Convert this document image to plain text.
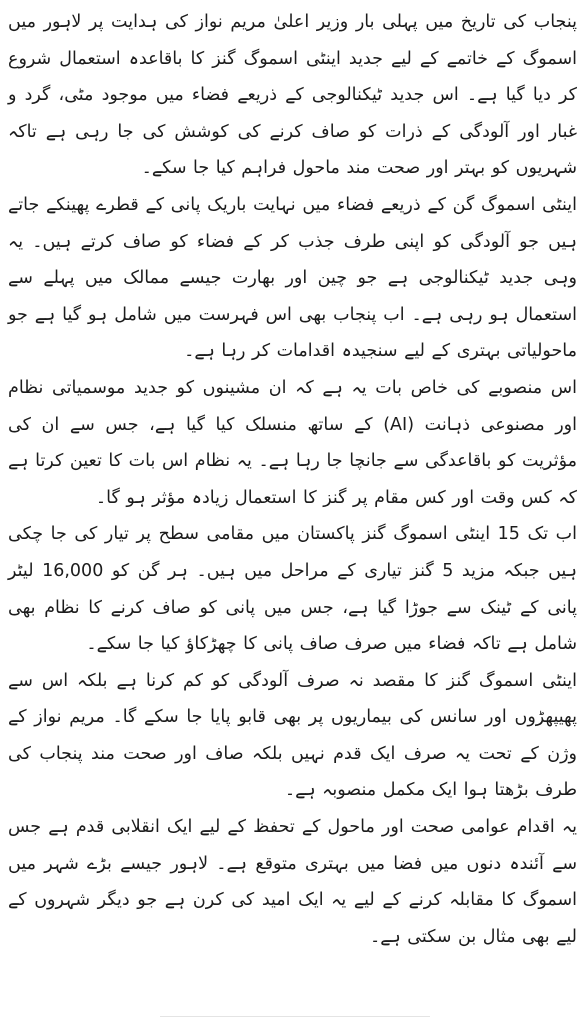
پنجاب کی تاریخ میں پہلی بار وزیر اعلیٰ مریم نواز کی ہدایت پر لاہور میں اسموگ کے خاتمے کے لیے جدید اینٹی اسموگ گنز کا باقاعدہ استعمال شروع کر دیا گیا ہے۔ اس جدید ٹیکنالوجی کے ذریعے فضاء میں موجود مٹی، گرد و غبار اور آلودگی کے ذرات کو صاف کرنے کی کوشش کی جا رہی ہے تاکہ شہریوں کو بہتر اور صحت مند ماحول فراہم کیا جا سکے۔

اینٹی اسموگ گن کے ذریعے فضاء میں نہایت باریک پانی کے قطرے پھینکے جاتے ہیں جو آلودگی کو اپنی طرف جذب کر کے فضاء کو صاف کرتے ہیں۔ یہ وہی جدید ٹیکنالوجی ہے جو چین اور بھارت جیسے ممالک میں پہلے سے استعمال ہو رہی ہے۔ اب پنجاب بھی اس فہرست میں شامل ہو گیا ہے جو ماحولیاتی بہتری کے لیے سنجیدہ اقدامات کر رہا ہے۔

اس منصوبے کی خاص بات یہ ہے کہ ان مشینوں کو جدید موسمیاتی نظام اور مصنوعی ذہانت (AI) کے ساتھ منسلک کیا گیا ہے، جس سے ان کی مؤثریت کو باقاعدگی سے جانچا جا رہا ہے۔ یہ نظام اس بات کا تعین کرتا ہے کہ کس وقت اور کس مقام پر گنز کا استعمال زیادہ مؤثر ہو گا۔

اب تک 15 اینٹی اسموگ گنز پاکستان میں مقامی سطح پر تیار کی جا چکی ہیں جبکہ مزید 5 گنز تیاری کے مراحل میں ہیں۔ ہر گن کو 16,000 لیٹر پانی کے ٹینک سے جوڑا گیا ہے، جس میں پانی کو صاف کرنے کا نظام بھی شامل ہے تاکہ فضاء میں صرف صاف پانی کا چھڑکاؤ کیا جا سکے۔

اینٹی اسموگ گنز کا مقصد نہ صرف آلودگی کو کم کرنا ہے بلکہ اس سے پھیپھڑوں اور سانس کی بیماریوں پر بھی قابو پایا جا سکے گا۔ مریم نواز کے وژن کے تحت یہ صرف ایک قدم نہیں بلکہ صاف اور صحت مند پنجاب کی طرف بڑھتا ہوا ایک مکمل منصوبہ ہے۔

یہ اقدام عوامی صحت اور ماحول کے تحفظ کے لیے ایک انقلابی قدم ہے جس سے آئندہ دنوں میں فضا میں بہتری متوقع ہے۔ لاہور جیسے بڑے شہر میں اسموگ کا مقابلہ کرنے کے لیے یہ ایک امید کی کرن ہے جو دیگر شہروں کے لیے بھی مثال بن سکتی ہے۔
